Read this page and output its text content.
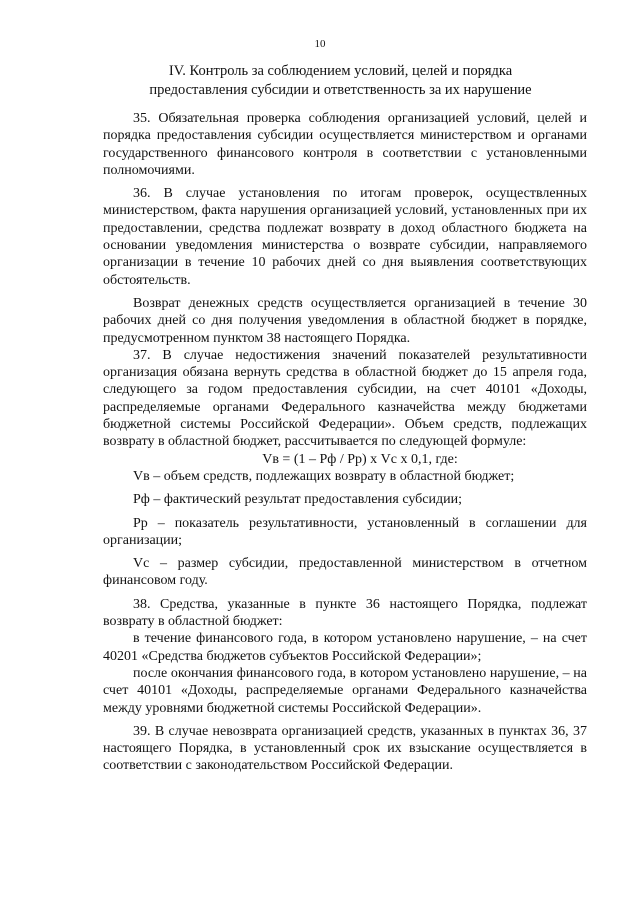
10
IV. Контроль за соблюдением условий, целей и порядка
предоставления субсидии и ответственность за их нарушение

35. Обязательная проверка соблюдения организацией условий, целей и порядка предоставления субсидии осуществляется министерством и органами государственного финансового контроля в соответствии с установленными полномочиями.

36. В случае установления по итогам проверок, осуществленных министерством, факта нарушения организацией условий, установленных при их предоставлении, средства подлежат возврату в доход областного бюджета на основании уведомления министерства о возврате субсидии, направляемого организации в течение 10 рабочих дней со дня выявления соответствующих обстоятельств.

Возврат денежных средств осуществляется организацией в течение 30 рабочих дней со дня получения уведомления в областной бюджет в порядке, предусмотренном пунктом 38 настоящего Порядка.

37. В случае недостижения значений показателей результативности организация обязана вернуть средства в областной бюджет до 15 апреля года, следующего за годом предоставления субсидии, на счет 40101 «Доходы, распределяемые органами Федерального казначейства между бюджетами бюджетной системы Российской Федерации». Объем средств, подлежащих возврату в областной бюджет, рассчитывается по следующей формуле:

Vв = (1 – Рф / Рр) х Vс х 0,1, где:

Vв – объем средств, подлежащих возврату в областной бюджет;

Рф – фактический результат предоставления субсидии;

Рр – показатель результативности, установленный в соглашении для организации;

Vс – размер субсидии, предоставленной министерством в отчетном финансовом году.

38. Средства, указанные в пункте 36 настоящего Порядка, подлежат возврату в областной бюджет:

в течение финансового года, в котором установлено нарушение, – на счет 40201 «Средства бюджетов субъектов Российской Федерации»;

после окончания финансового года, в котором установлено нарушение, – на счет 40101 «Доходы, распределяемые органами Федерального казначейства между уровнями бюджетной системы Российской Федерации».

39. В случае невозврата организацией средств, указанных в пунктах 36, 37 настоящего Порядка, в установленный срок их взыскание осуществляется в соответствии с законодательством Российской Федерации.
